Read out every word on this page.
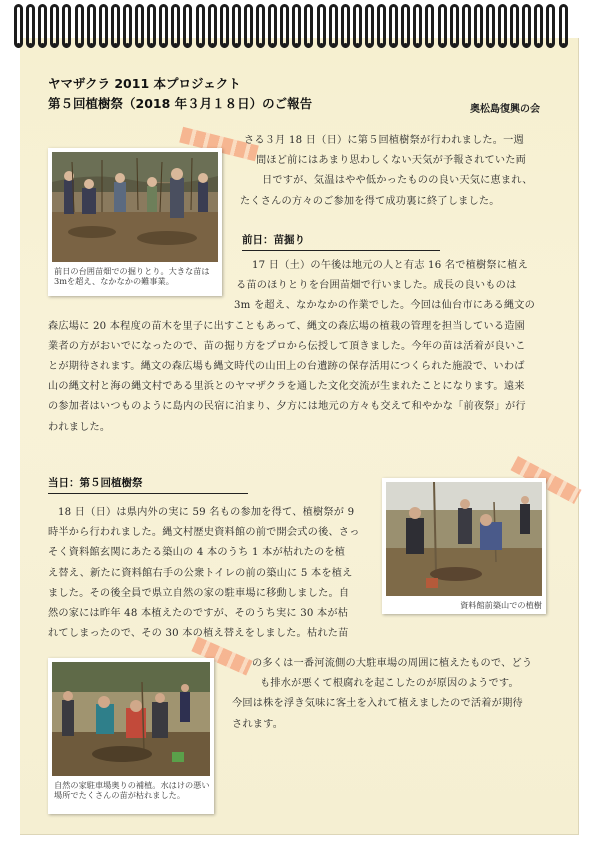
ヤマザクラ 2011 本プロジェクト
第５回植樹祭（2018 年３月１８日）のご報告	奥松島復興の会
さる３月 18 日（日）に第５回植樹祭が行われました。一週
間ほど前にはあまり思わしくない天気が予報されていた両
日ですが、気温はやや低かったものの良い天気に恵まれ、
たくさんの方々のご参加を得て成功裏に終了しました。
前日の台囲苗畑での掘りとり。大きな苗は 3mを超え、なかなかの難事業。
前日：苗掘り
17 日（土）の午後は地元の人と有志 16 名で植樹祭に植え
る苗のほりとりを台囲苗畑で行いました。成長の良いものは
3m を超え、なかなかの作業でした。今回は仙台市にある縄文の
森広場に 20 本程度の苗木を里子に出すこともあって、縄文の森広場の植栽の管理を担当している造園
業者の方がおいでになったので、苗の掘り方をプロから伝授して頂きました。今年の苗は活着が良いこ
とが期待されます。縄文の森広場も縄文時代の山田上の台遺跡の保存活用につくられた施設で、いわば
山の縄文村と海の縄文村である里浜とのヤマザクラを通した文化交流が生まれたことになります。遠来
の参加者はいつものように島内の民宿に泊まり、夕方には地元の方々も交えて和やかな「前夜祭」が行
われました。
当日：第５回植樹祭
資料館前築山での植樹
18 日（日）は県内外の実に 59 名もの参加を得て、植樹祭が 9
時半から行われました。縄文村歴史資料館の前で開会式の後、さっ
そく資料館玄関にあたる築山の 4 本のうち 1 本が枯れたのを植
え替え、新たに資料館右手の公衆トイレの前の築山に 5 本を植え
ました。その後全員で県立自然の家の駐車場に移動しました。自
然の家には昨年 48 本植えたのですが、そのうち実に 30 本が枯
れてしまったので、その 30 本の植え替えをしました。枯れた苗
の多くは一番河流側の大駐車場の周囲に植えたもので、どう
も排水が悪くて根腐れを起こしたのが原因のようです。
今回は株を浮き気味に客土を入れて植えましたので活着が期待
されます。
自然の家駐車場奥りの補植。水はけの悪い場所でたくさんの苗が枯れました。
